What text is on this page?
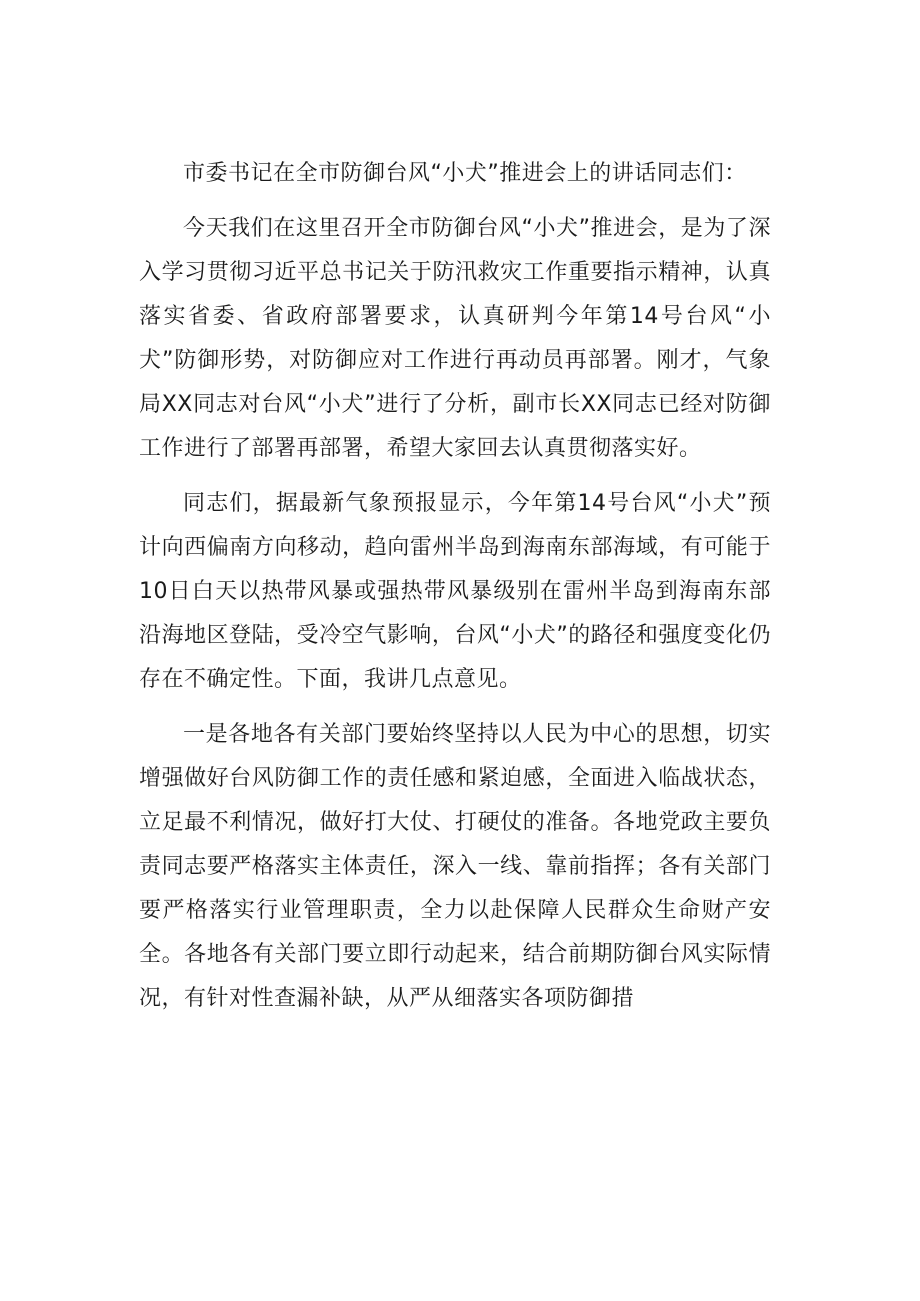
市委书记在全市防御台风“小犬”推进会上的讲话同志们：

今天我们在这里召开全市防御台风“小犬”推进会，是为了深入学习贯彻习近平总书记关于防汛救灾工作重要指示精神，认真落实省委、省政府部署要求，认真研判今年第14号台风“小犬”防御形势，对防御应对工作进行再动员再部署。刚才，气象局XX同志对台风“小犬”进行了分析，副市长XX同志已经对防御工作进行了部署再部署，希望大家回去认真贯彻落实好。

同志们，据最新气象预报显示，今年第14号台风“小犬”预计向西偏南方向移动，趋向雷州半岛到海南东部海域，有可能于10日白天以热带风暴或强热带风暴级别在雷州半岛到海南东部沿海地区登陆，受冷空气影响，台风“小犬”的路径和强度变化仍存在不确定性。下面，我讲几点意见。

一是各地各有关部门要始终坚持以人民为中心的思想，切实增强做好台风防御工作的责任感和紧迫感，全面进入临战状态，立足最不利情况，做好打大仗、打硬仗的准备。各地党政主要负责同志要严格落实主体责任，深入一线、靠前指挥；各有关部门要严格落实行业管理职责，全力以赴保障人民群众生命财产安全。各地各有关部门要立即行动起来，结合前期防御台风实际情况，有针对性查漏补缺，从严从细落实各项防御措
